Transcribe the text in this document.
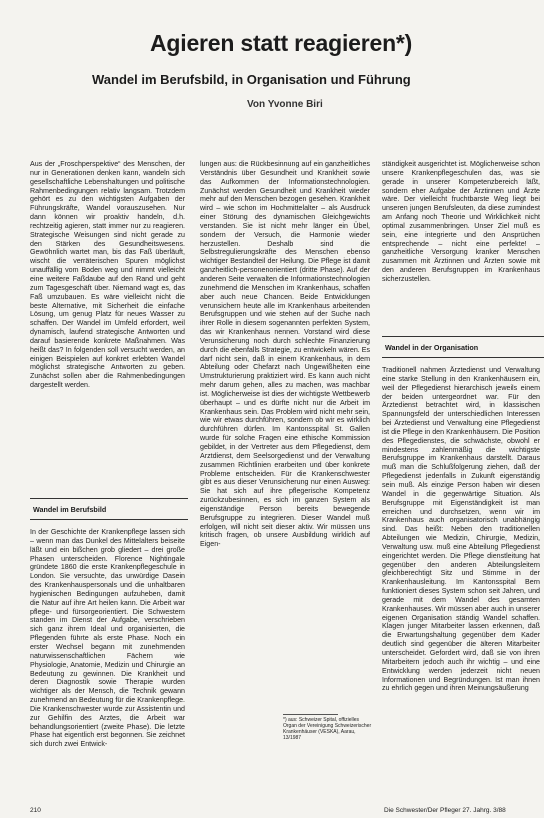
Agieren statt reagieren*)
Wandel im Berufsbild, in Organisation und Führung
Von Yvonne Biri

Aus der „Froschperspektive“ des Menschen, der nur in Generationen denken kann, wandeln sich gesellschaftliche Lebenshaltungen und politische Rahmenbedingungen relativ langsam. Trotzdem gehört es zu den wichtigsten Aufgaben der Führungskräfte, Wandel vorauszusehen. Nur dann können wir proaktiv handeln, d.h. rechtzeitig agieren, statt immer nur zu reagieren. Strategische Weisungen sind nicht gerade zu den Stärken des Gesundheitswesens. Gewöhnlich wartet man, bis das Faß überläuft, wischt die verräterischen Spuren möglichst unauffällig vom Boden weg und nimmt vielleicht eine weitere Faßdaube auf den Rand und geht zum Tagesgeschäft über. Niemand wagt es, das Faß umzubauen. Es wäre vielleicht nicht die beste Alternative, mit Sicherheit die einfache Lösung, um genug Platz für neues Wasser zu schaffen. Der Wandel im Umfeld erfordert, weil dynamisch, laufend strategische Antworten und darauf basierende konkrete Maßnahmen. Was heißt das? In folgenden soll versucht werden, an einigen Beispielen auf konkret erlebten Wandel möglichst strategische Antworten zu geben. Zunächst sollen aber die Rahmenbedingungen dargestellt werden.

Wandel im Berufsbild

In der Geschichte der Krankenpflege lassen sich – wenn man das Dunkel des Mittelalters beiseite läßt und ein bißchen grob gliedert – drei große Phasen unterscheiden. Florence Nightingale gründete 1860 die erste Krankenpflegeschule in London. Sie versuchte, das unwürdige Dasein des Krankenhauspersonals und die unhaltbaren hygienischen Bedingungen aufzuheben, damit die Natur auf ihre Art heilen kann. Die Arbeit war pflege- und fürsorgeorientiert. Die Schwestern standen im Dienst der Aufgabe, verschrieben sich ganz ihrem Ideal und organisierten, die Pflegenden führte als erste Phase. Noch ein erster Wechsel begann mit zunehmenden naturwissenschaftlichen Fächern wie Physiologie, Anatomie, Medizin und Chirurgie an Bedeutung zu gewinnen. Die Krankheit und deren Diagnostik sowie Therapie wurden wichtiger als der Mensch, die Technik gewann zunehmend an Bedeutung für die Krankenpflege. Die Krankenschwester wurde zur Assistentin und zur Gehilfin des Arztes, die Arbeit war behandlungsorientiert (zweite Phase). Die letzte Phase hat eigentlich erst begonnen. Sie zeichnet sich durch zwei Entwick-

lungen aus: die Rückbesinnung auf ein ganzheitliches Verständnis über Gesundheit und Krankheit sowie das Aufkommen der Informationstechnologien. Zunächst werden Gesundheit und Krankheit wieder mehr auf den Menschen bezogen gesehen. Krankheit wird – wie schon im Hochmittelalter – als Ausdruck einer Störung des dynamischen Gleichgewichts verstanden. Sie ist nicht mehr länger ein Übel, sondern der Versuch, die Harmonie wieder herzustellen. Deshalb sind die Selbstregulierungskräfte des Menschen ebenso wichtiger Bestandteil der Heilung. Die Pflege ist damit ganzheitlich-personenorientiert (dritte Phase). Auf der anderen Seite verwalten die Informationstechnologien zunehmend die Menschen im Krankenhaus, schaffen aber auch neue Chancen. Beide Entwicklungen verunsichern heute alle im Krankenhaus arbeitenden Berufsgruppen und wie stehen auf der Suche nach ihrer Rolle in diesem sogenannten perfekten System, das wir Krankenhaus nennen. Vorstand wird diese Verunsicherung noch durch schlechte Finanzierung durch die ebenfalls Strategie, zu entwickeln wären. Es darf nicht sein, daß in einem Krankenhaus, in dem Abteilung oder Chefarzt nach Ungewißheiten eine Umstrukturierung praktiziert wird. Es kann auch nicht mehr darum gehen, alles zu machen, was machbar ist. Möglicherweise ist dies der wichtigste Wettbewerb überhaupt – und es dürfte nicht nur die Arbeit im Krankenhaus sein. Das Problem wird nicht mehr sein, wie wir etwas durchführen, sondern ob wir es wirklich durchführen dürfen. Im Kantonsspital St. Gallen wurde für solche Fragen eine ethische Kommission gebildet, in der Vertreter aus dem Pflegedienst, dem Arztdienst, dem Seelsorgedienst und der Verwaltung zusammen Richtlinien erarbeiten und über konkrete Probleme entscheiden. Für die Krankenschwester gibt es aus dieser Verunsicherung nur einen Ausweg: Sie hat sich auf ihre pflegerische Kompetenz zurückzubesinnen, es sich im ganzen System als eigenständige Person bereits bewegende Berufsgruppe zu integrieren. Dieser Wandel muß erfolgen, will nicht seit dieser aktiv. Wir müssen uns kritisch fragen, ob unsere Ausbildung wirklich auf Eigen-

*) aus: Schweizer Spital, offizielles Organ der Vereinigung Schweizerischer Krankenhäuser (VESKA), Aarau, 13/1987

ständigkeit ausgerichtet ist. Möglicherweise schon unsere Krankenpflegeschulen das, was sie gerade in unserer Kompetenzbereich läßt, sondern eher Aufgabe der Ärztinnen und Ärzte wäre. Der vielleicht fruchtbarste Weg liegt bei unseren jungen Berufsleuten, da diese zumindest am Anfang noch Theorie und Wirklichkeit nicht optimal zusammenbringen. Unser Ziel muß es sein, eine integrierte und den Ansprüchen entsprechende – nicht eine perfekte! – ganzheitliche Versorgung kranker Menschen zusammen mit Ärztinnen und Ärzten sowie mit den anderen Berufsgruppen im Krankenhaus sicherzustellen.

Wandel in der Organisation

Traditionell nahmen Ärztedienst und Verwaltung eine starke Stellung in den Krankenhäusern ein, weil der Pflegedienst hierarchisch jeweils einem der beiden untergeordnet war. Für den Ärztedienst betrachtet wird, in klassischen Spannungsfeld der unterschiedlichen Interessen bei Ärztedienst und Verwaltung eine Pflegedienst ist die Pflege in den Krankenhäusern. Die Position des Pflegedienstes, die schwächste, obwohl er mindestens zahlenmäßig die wichtigste Berufsgruppe im Krankenhaus darstellt. Daraus muß man die Schlußfolgerung ziehen, daß der Pflegedienst jedenfalls in Zukunft eigenständig sein muß. Als einzige Person haben wir diesen Wandel in die gegenwärtige Situation. Als Berufsgruppe mit Eigenständigkeit ist man erreichen und durchsetzen, wenn wir im Krankenhaus auch organisatorisch unabhängig sind. Das heißt: Neben den traditionellen Abteilungen wie Medizin, Chirurgie, Medizin, Verwaltung usw. muß eine Abteilung Pflegedienst eingerichtet werden. Die Pflege dienstleitung hat gegenüber den anderen Abteilungsleitern gleichberechtigt Sitz und Stimme in der Krankenhausleitung. Im Kantonsspital Bern funktioniert dieses System schon seit Jahren, und gerade mit dem Wandel des gesamten Krankenhauses. Wir müssen aber auch in unserer eigenen Organisation ständig Wandel schaffen. Klagen junger Mitarbeiter lassen erkennen, daß die Erwartungshaltung gegenüber dem Kader deutlich sind gegenüber die älteren Mitarbeiter unterscheidet. Gefordert wird, daß sie von ihren Mitarbeitern jedoch auch ihr wichtig – und eine Entwicklung werden jederzeit nicht neuen Informationen und Begründungen. Ist man ihnen zu ehrlich gegen und ihren Meinungsäußerung

210	Die Schwester/Der Pfleger 27. Jahrg. 3/88
